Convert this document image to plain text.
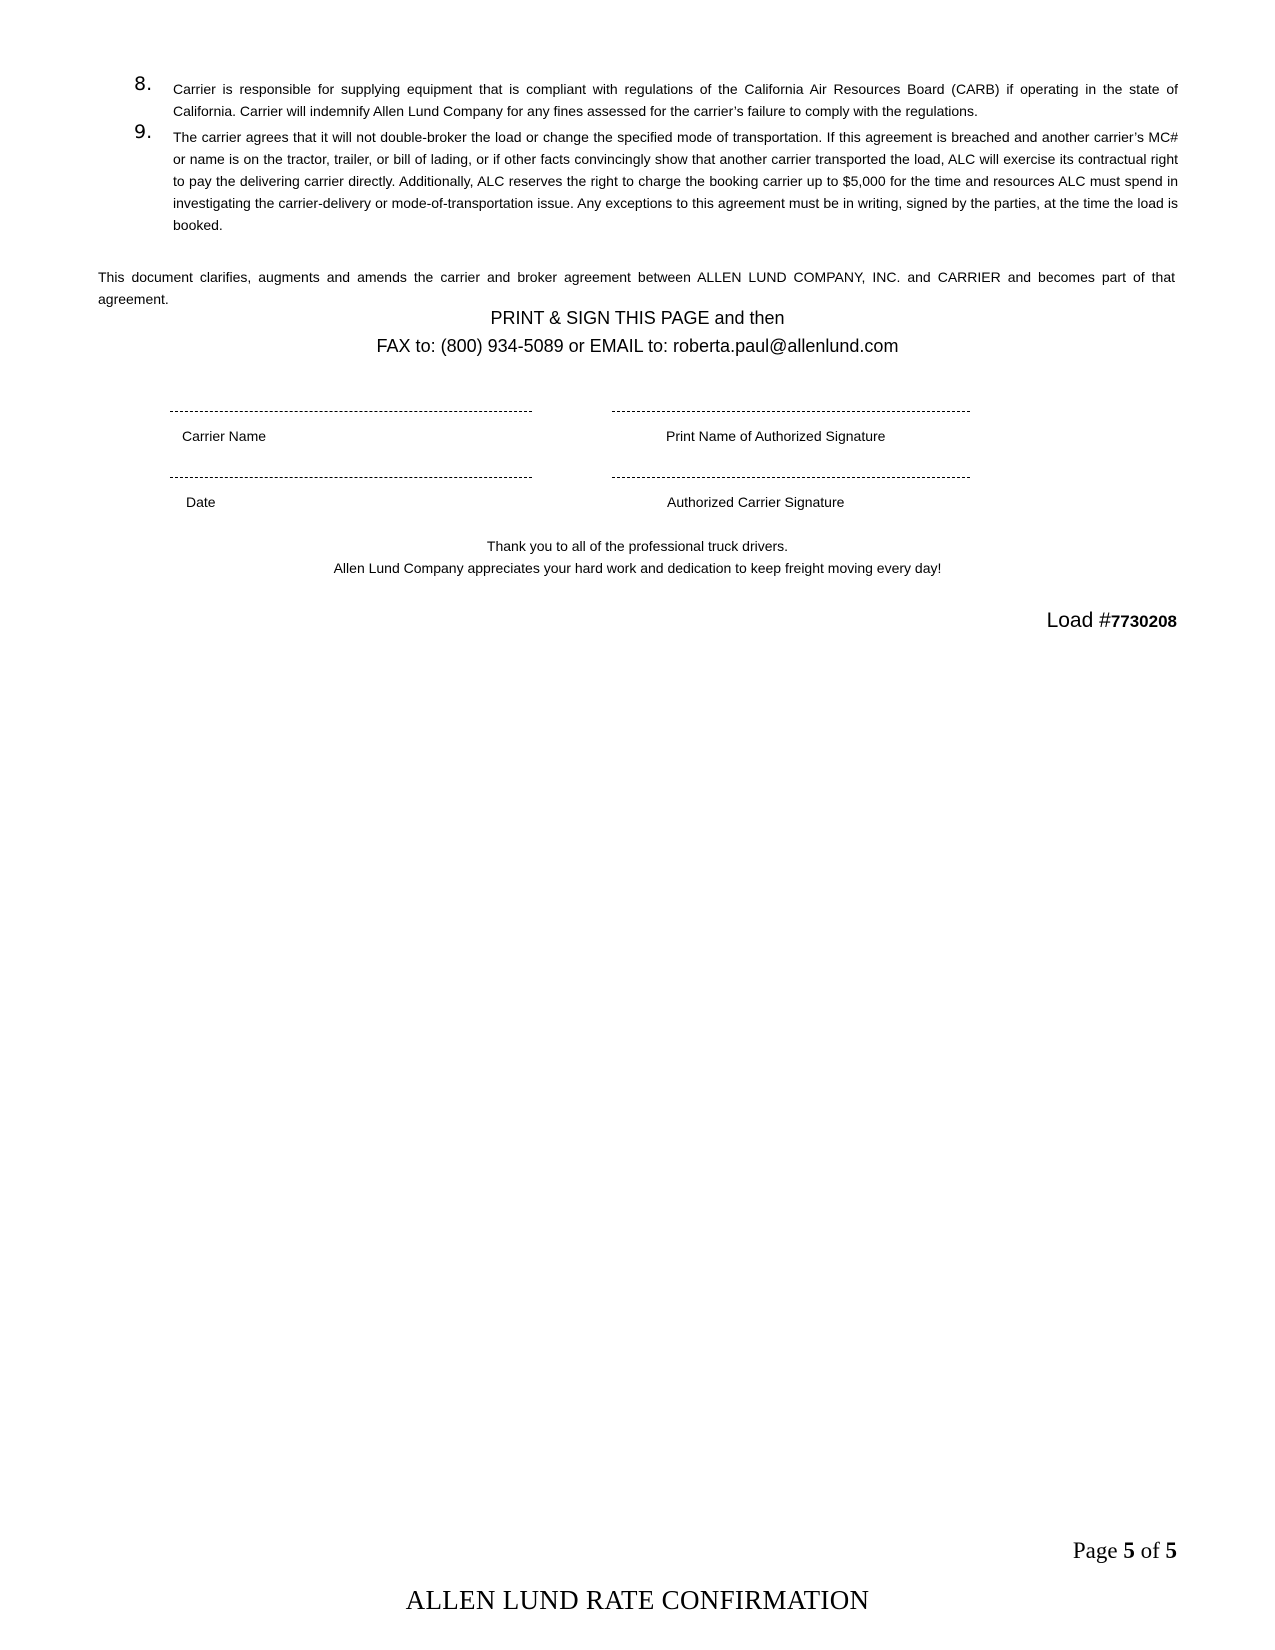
8. Carrier is responsible for supplying equipment that is compliant with regulations of the California Air Resources Board (CARB) if operating in the state of California. Carrier will indemnify Allen Lund Company for any fines assessed for the carrier’s failure to comply with the regulations.
9. The carrier agrees that it will not double-broker the load or change the specified mode of transportation. If this agreement is breached and another carrier’s MC# or name is on the tractor, trailer, or bill of lading, or if other facts convincingly show that another carrier transported the load, ALC will exercise its contractual right to pay the delivering carrier directly. Additionally, ALC reserves the right to charge the booking carrier up to $5,000 for the time and resources ALC must spend in investigating the carrier-delivery or mode-of-transportation issue. Any exceptions to this agreement must be in writing, signed by the parties, at the time the load is booked.
This document clarifies, augments and amends the carrier and broker agreement between ALLEN LUND COMPANY, INC. and CARRIER and becomes part of that agreement.
PRINT & SIGN THIS PAGE and then
FAX to: (800) 934-5089 or EMAIL to: roberta.paul@allenlund.com
Carrier Name	Print Name of Authorized Signature
Date	Authorized Carrier Signature
Thank you to all of the professional truck drivers.
Allen Lund Company appreciates your hard work and dedication to keep freight moving every day!
Load #7730208
Page 5 of 5
ALLEN LUND RATE CONFIRMATION
